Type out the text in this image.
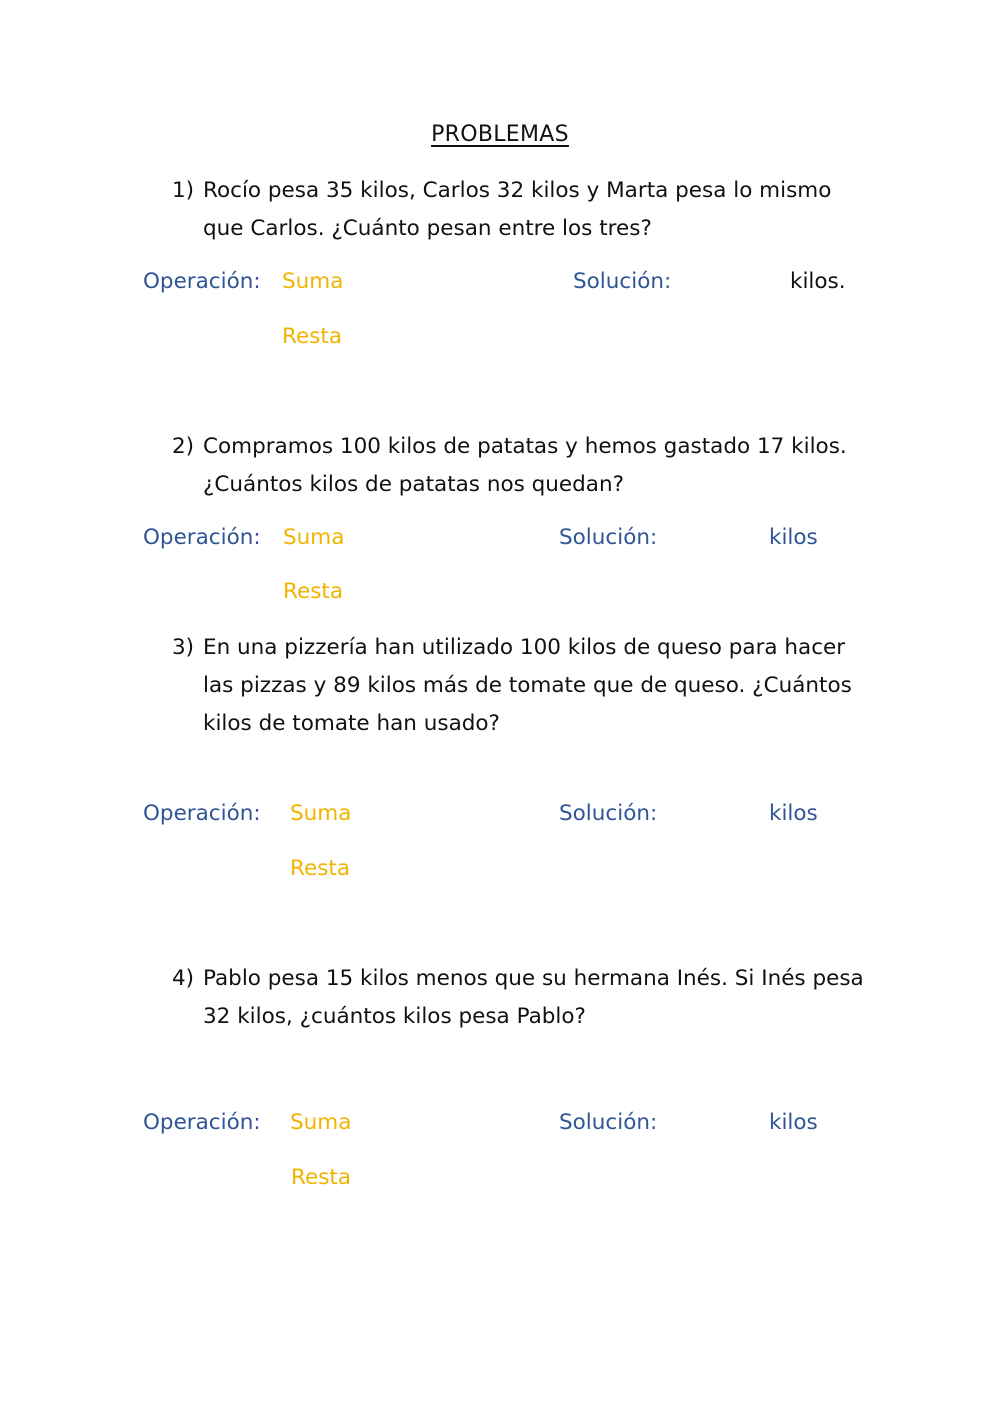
PROBLEMAS
1) Rocío pesa 35 kilos, Carlos 32 kilos y Marta pesa lo mismo que Carlos. ¿Cuánto pesan entre los tres?
Operación: Suma
Resta
Solución:	kilos.
2) Compramos 100 kilos de patatas y hemos gastado 17 kilos. ¿Cuántos kilos de patatas nos quedan?
Operación: Suma
Resta
Solución:	kilos
3) En una pizzería han utilizado 100 kilos de queso para hacer las pizzas y 89 kilos más de tomate que de queso. ¿Cuántos kilos de tomate han usado?
Operación: Suma
Resta
Solución:	kilos
4) Pablo pesa 15 kilos menos que su hermana Inés. Si Inés pesa 32 kilos, ¿cuántos kilos pesa Pablo?
Operación: Suma
Resta
Solución:	kilos
